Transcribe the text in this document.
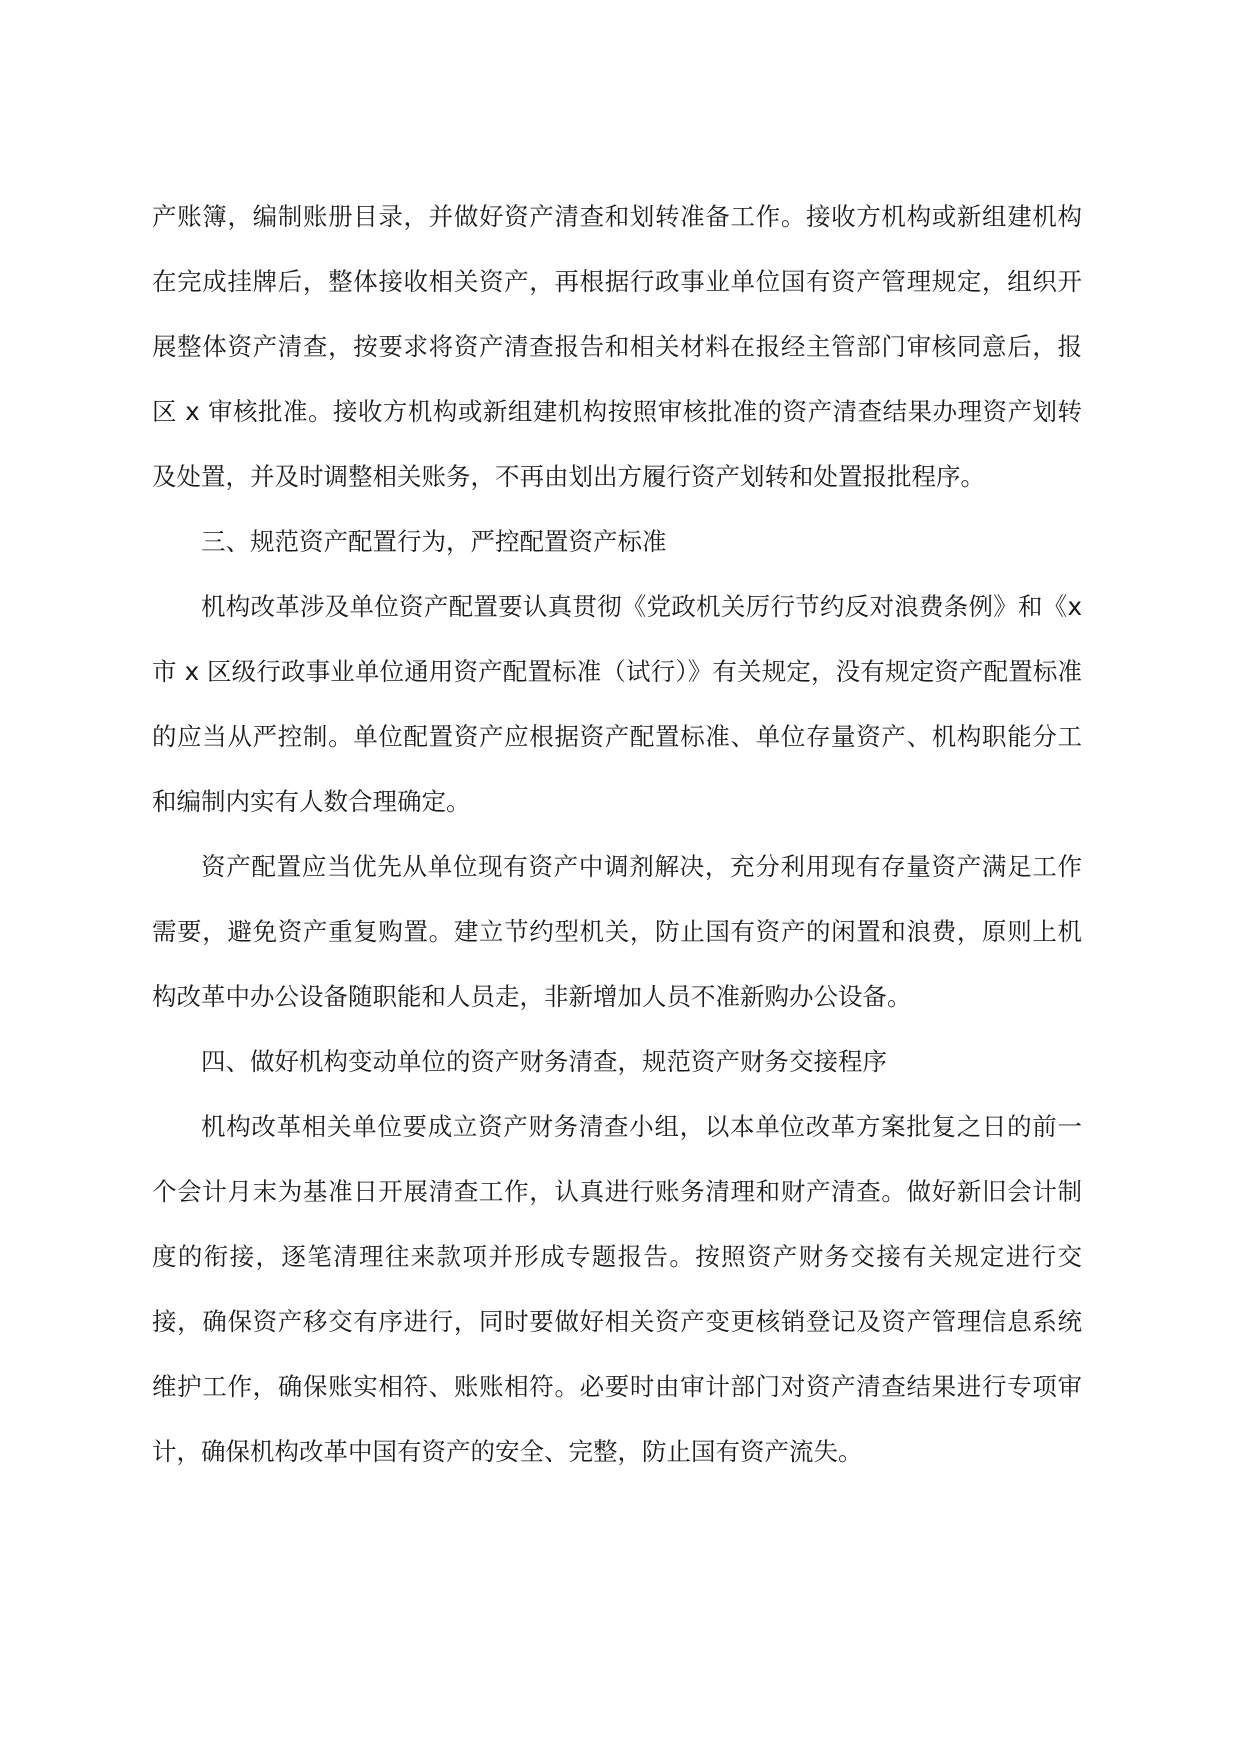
产账簿，编制账册目录，并做好资产清查和划转准备工作。接收方机构或新组建机构在完成挂牌后，整体接收相关资产，再根据行政事业单位国有资产管理规定，组织开展整体资产清查，按要求将资产清查报告和相关材料在报经主管部门审核同意后，报区 x 审核批准。接收方机构或新组建机构按照审核批准的资产清查结果办理资产划转及处置，并及时调整相关账务，不再由划出方履行资产划转和处置报批程序。

三、规范资产配置行为，严控配置资产标准

机构改革涉及单位资产配置要认真贯彻《党政机关厉行节约反对浪费条例》和《x 市 x 区级行政事业单位通用资产配置标准（试行）》有关规定，没有规定资产配置标准的应当从严控制。单位配置资产应根据资产配置标准、单位存量资产、机构职能分工和编制内实有人数合理确定。

资产配置应当优先从单位现有资产中调剂解决，充分利用现有存量资产满足工作需要，避免资产重复购置。建立节约型机关，防止国有资产的闲置和浪费，原则上机构改革中办公设备随职能和人员走，非新增加人员不准新购办公设备。

四、做好机构变动单位的资产财务清查，规范资产财务交接程序

机构改革相关单位要成立资产财务清查小组，以本单位改革方案批复之日的前一个会计月末为基准日开展清查工作，认真进行账务清理和财产清查。做好新旧会计制度的衔接，逐笔清理往来款项并形成专题报告。按照资产财务交接有关规定进行交接，确保资产移交有序进行，同时要做好相关资产变更核销登记及资产管理信息系统维护工作，确保账实相符、账账相符。必要时由审计部门对资产清查结果进行专项审计，确保机构改革中国有资产的安全、完整，防止国有资产流失。
